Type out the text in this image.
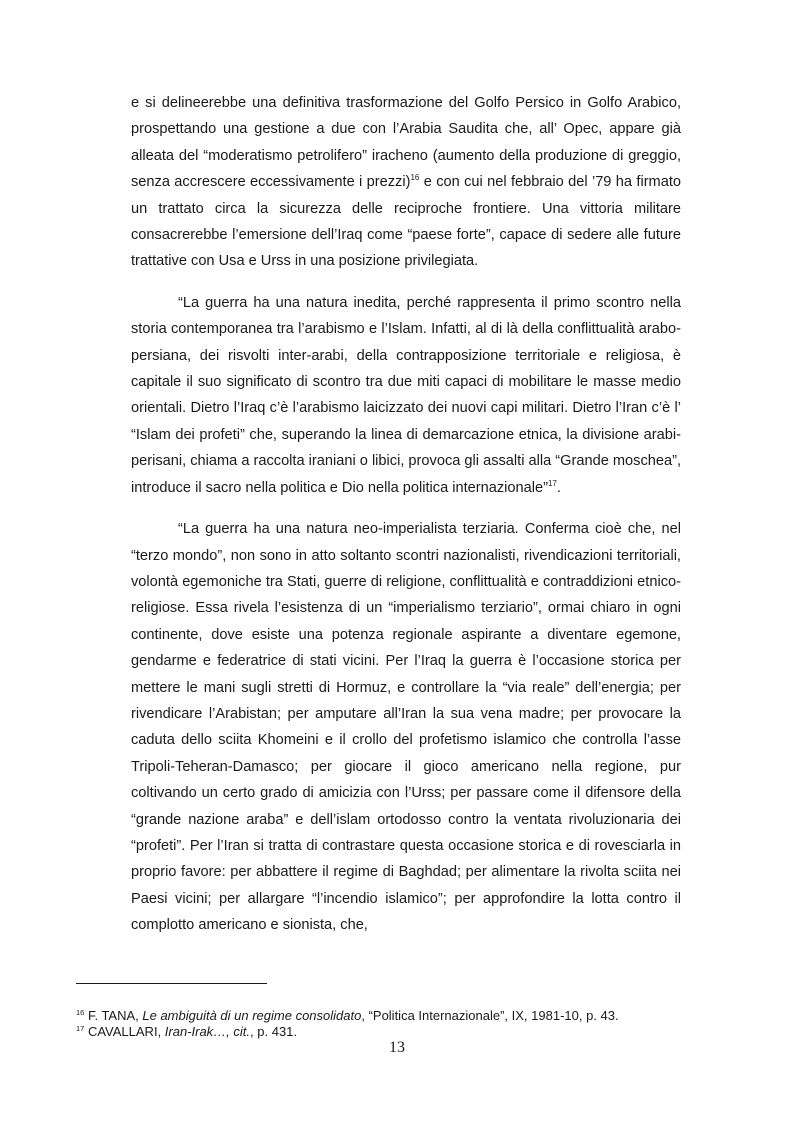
e si delineerebbe una definitiva trasformazione del Golfo Persico in Golfo Arabico, prospettando una gestione a due con l’Arabia Saudita che, all’ Opec, appare già alleata del “moderatismo petrolifero” iracheno (aumento della produzione di greggio, senza accrescere eccessivamente i prezzi)$^{16}$ e con cui nel febbraio del ’79 ha firmato un trattato circa la sicurezza delle reciproche frontiere. Una vittoria militare consacrerebbe l’emersione dell’Iraq come “paese forte”, capace di sedere alle future trattative con Usa e Urss in una posizione privilegiata.

“La guerra ha una natura inedita, perché rappresenta il primo scontro nella storia contemporanea tra l’arabismo e l’Islam. Infatti, al di là della conflittualità arabo-persiana, dei risvolti inter-arabi, della contrapposizione territoriale e religiosa, è capitale il suo significato di scontro tra due miti capaci di mobilitare le masse medio orientali. Dietro l’Iraq c’è l’arabismo laicizzato dei nuovi capi militari. Dietro l’Iran c’è l’ “Islam dei profeti” che, superando la linea di demarcazione etnica, la divisione arabi-perisani, chiama a raccolta iraniani o libici, provoca gli assalti alla “Grande moschea”, introduce il sacro nella politica e Dio nella politica internazionale”$^{17}$.

“La guerra ha una natura neo-imperialista terziaria. Conferma cioè che, nel “terzo mondo”, non sono in atto soltanto scontri nazionalisti, rivendicazioni territoriali, volontà egemoniche tra Stati, guerre di religione, conflittualità e contraddizioni etnico-religiose. Essa rivela l’esistenza di un “imperialismo terziario”, ormai chiaro in ogni continente, dove esiste una potenza regionale aspirante a diventare egemone, gendarme e federatrice di stati vicini. Per l’Iraq la guerra è l’occasione storica per mettere le mani sugli stretti di Hormuz, e controllare la “via reale” dell’energia; per rivendicare l’Arabistan; per amputare all’Iran la sua vena madre; per provocare la caduta dello sciita Khomeini e il crollo del profetismo islamico che controlla l’asse Tripoli-Teheran-Damasco; per giocare il gioco americano nella regione, pur coltivando un certo grado di amicizia con l’Urss; per passare come il difensore della “grande nazione araba” e dell’islam ortodosso contro la ventata rivoluzionaria dei “profeti”. Per l’Iran si tratta di contrastare questa occasione storica e di rovesciarla in proprio favore: per abbattere il regime di Baghdad; per alimentare la rivolta sciita nei Paesi vicini; per allargare “l’incendio islamico”; per approfondire la lotta contro il complotto americano e sionista, che,

$^{16}$ F. TANA, Le ambiguità di un regime consolidato, “Politica Internazionale”, IX, 1981-10, p. 43.
$^{17}$ CAVALLARI, Iran-Irak…, cit., p. 431.
13
